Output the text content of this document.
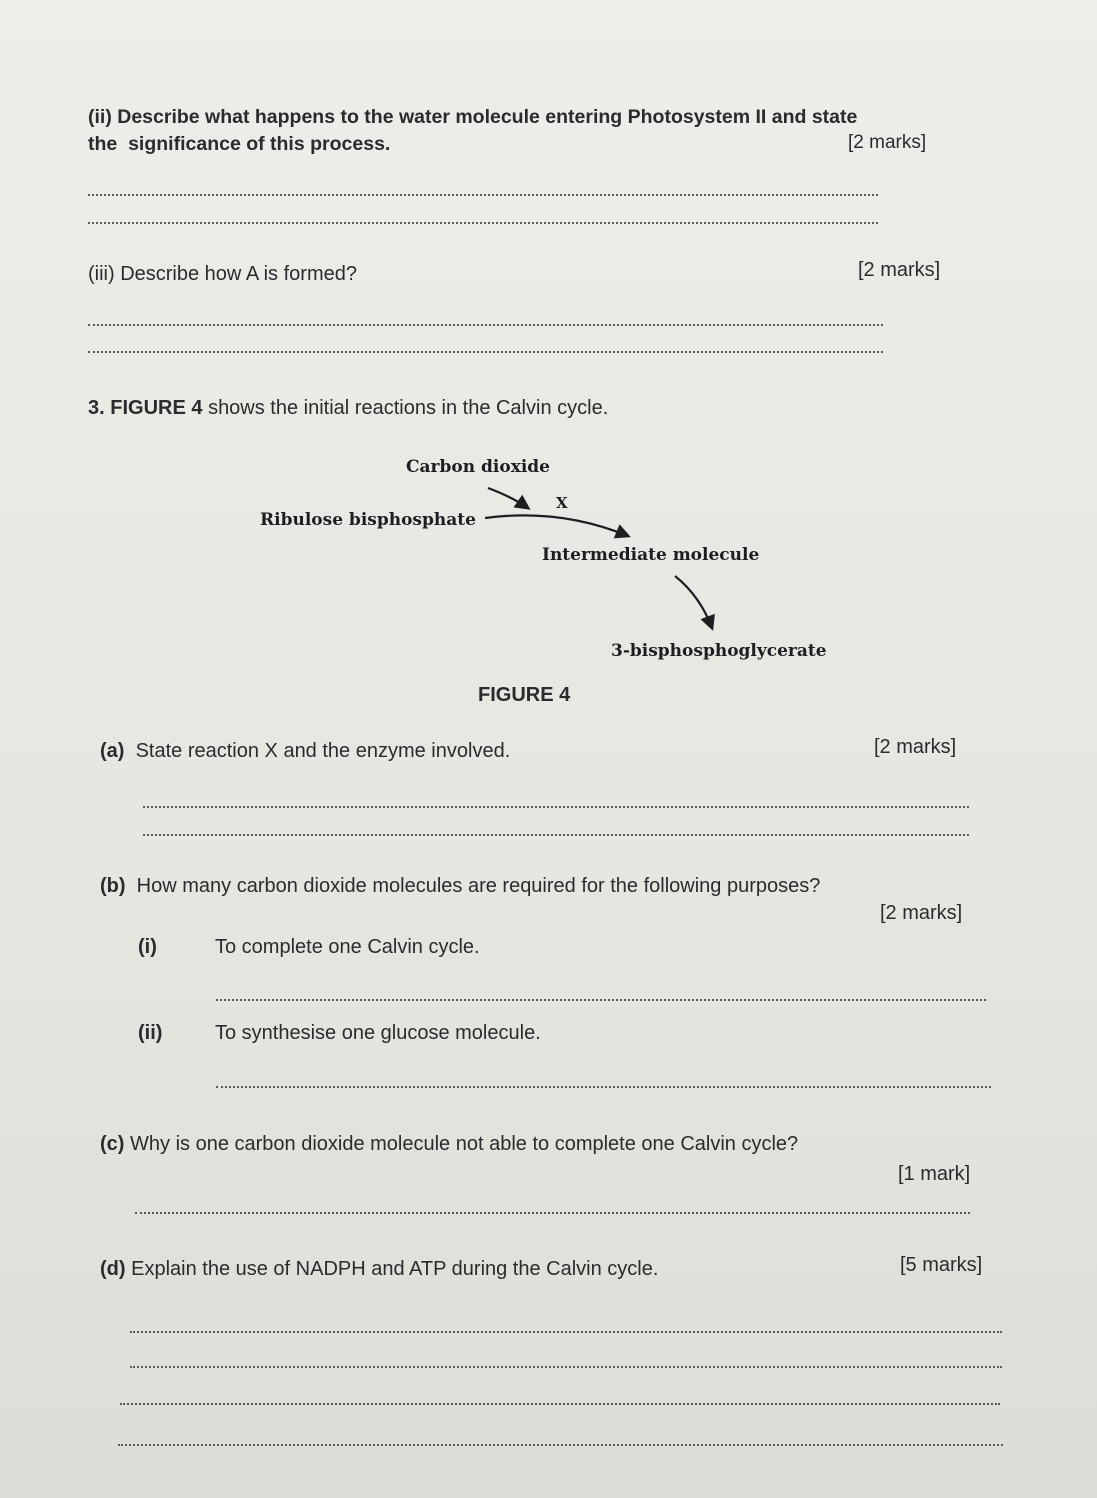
(ii) Describe what happens to the water molecule entering Photosystem II and state
the  significance of this process.	[2 marks]
(iii) Describe how A is formed?	[2 marks]
3. FIGURE 4 shows the initial reactions in the Calvin cycle.
Carbon dioxide
X
Ribulose bisphosphate
Intermediate molecule
3-bisphosphoglycerate
FIGURE 4
(a) State reaction X and the enzyme involved.	[2 marks]
(b) How many carbon dioxide molecules are required for the following purposes?
[2 marks]
(i)	To complete one Calvin cycle.
(ii)	To synthesise one glucose molecule.
(c) Why is one carbon dioxide molecule not able to complete one Calvin cycle?
[1 mark]
(d) Explain the use of NADPH and ATP during the Calvin cycle.	[5 marks]
